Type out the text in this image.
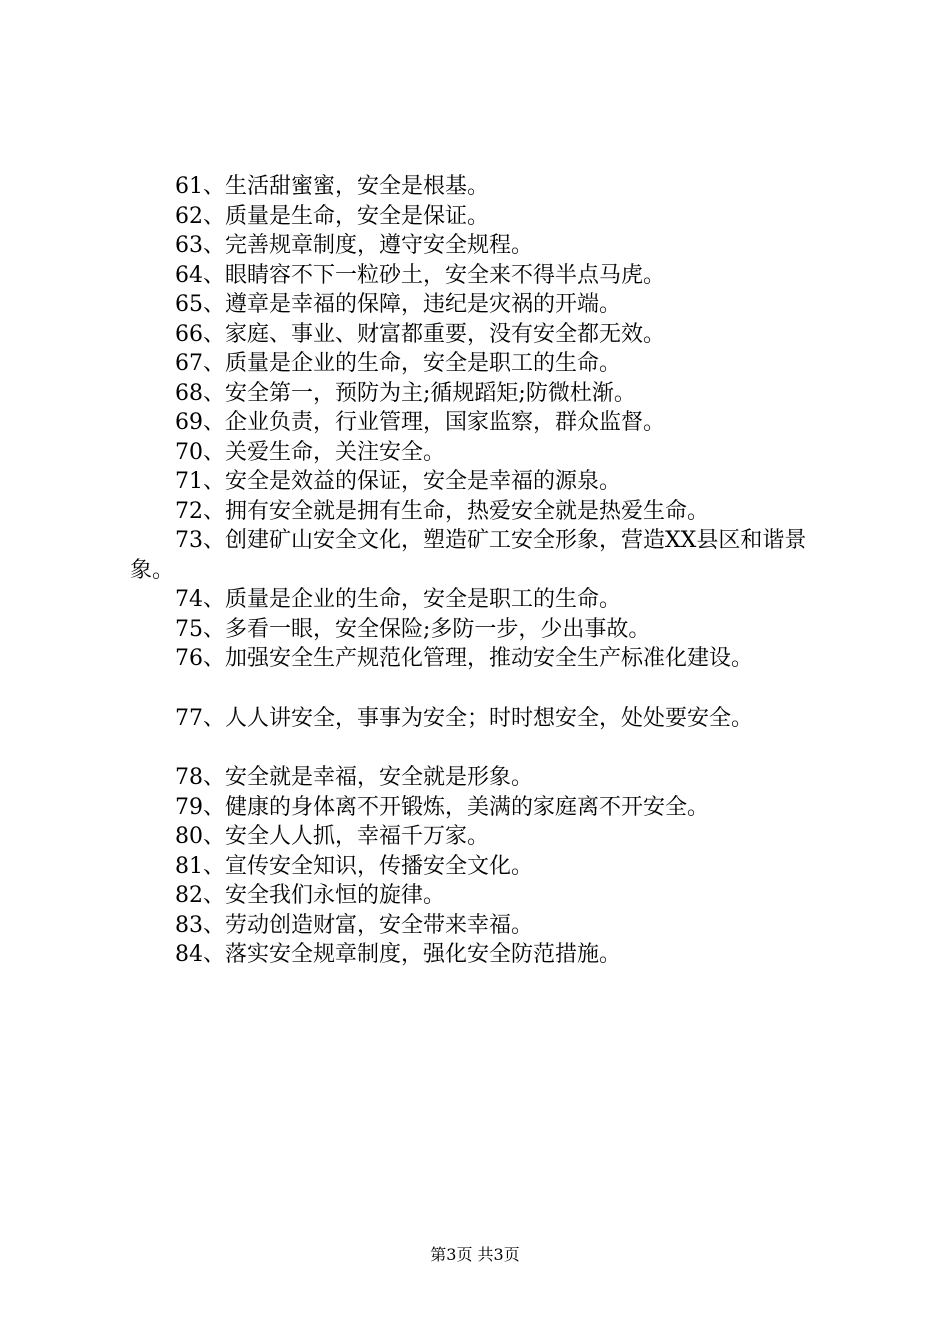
61、生活甜蜜蜜，安全是根基。
62、质量是生命，安全是保证。
63、完善规章制度，遵守安全规程。
64、眼睛容不下一粒砂土，安全来不得半点马虎。
65、遵章是幸福的保障，违纪是灾祸的开端。
66、家庭、事业、财富都重要，没有安全都无效。
67、质量是企业的生命，安全是职工的生命。
68、安全第一，预防为主;循规蹈矩;防微杜渐。
69、企业负责，行业管理，国家监察，群众监督。
70、关爱生命，关注安全。
71、安全是效益的保证，安全是幸福的源泉。
72、拥有安全就是拥有生命，热爱安全就是热爱生命。
73、创建矿山安全文化，塑造矿工安全形象，营造XX县区和谐景象。
74、质量是企业的生命，安全是职工的生命。
75、多看一眼，安全保险;多防一步，少出事故。
76、加强安全生产规范化管理，推动安全生产标准化建设。
77、人人讲安全，事事为安全；时时想安全，处处要安全。
78、安全就是幸福，安全就是形象。
79、健康的身体离不开锻炼，美满的家庭离不开安全。
80、安全人人抓，幸福千万家。
81、宣传安全知识，传播安全文化。
82、安全我们永恒的旋律。
83、劳动创造财富，安全带来幸福。
84、落实安全规章制度，强化安全防范措施。
第3页 共3页
